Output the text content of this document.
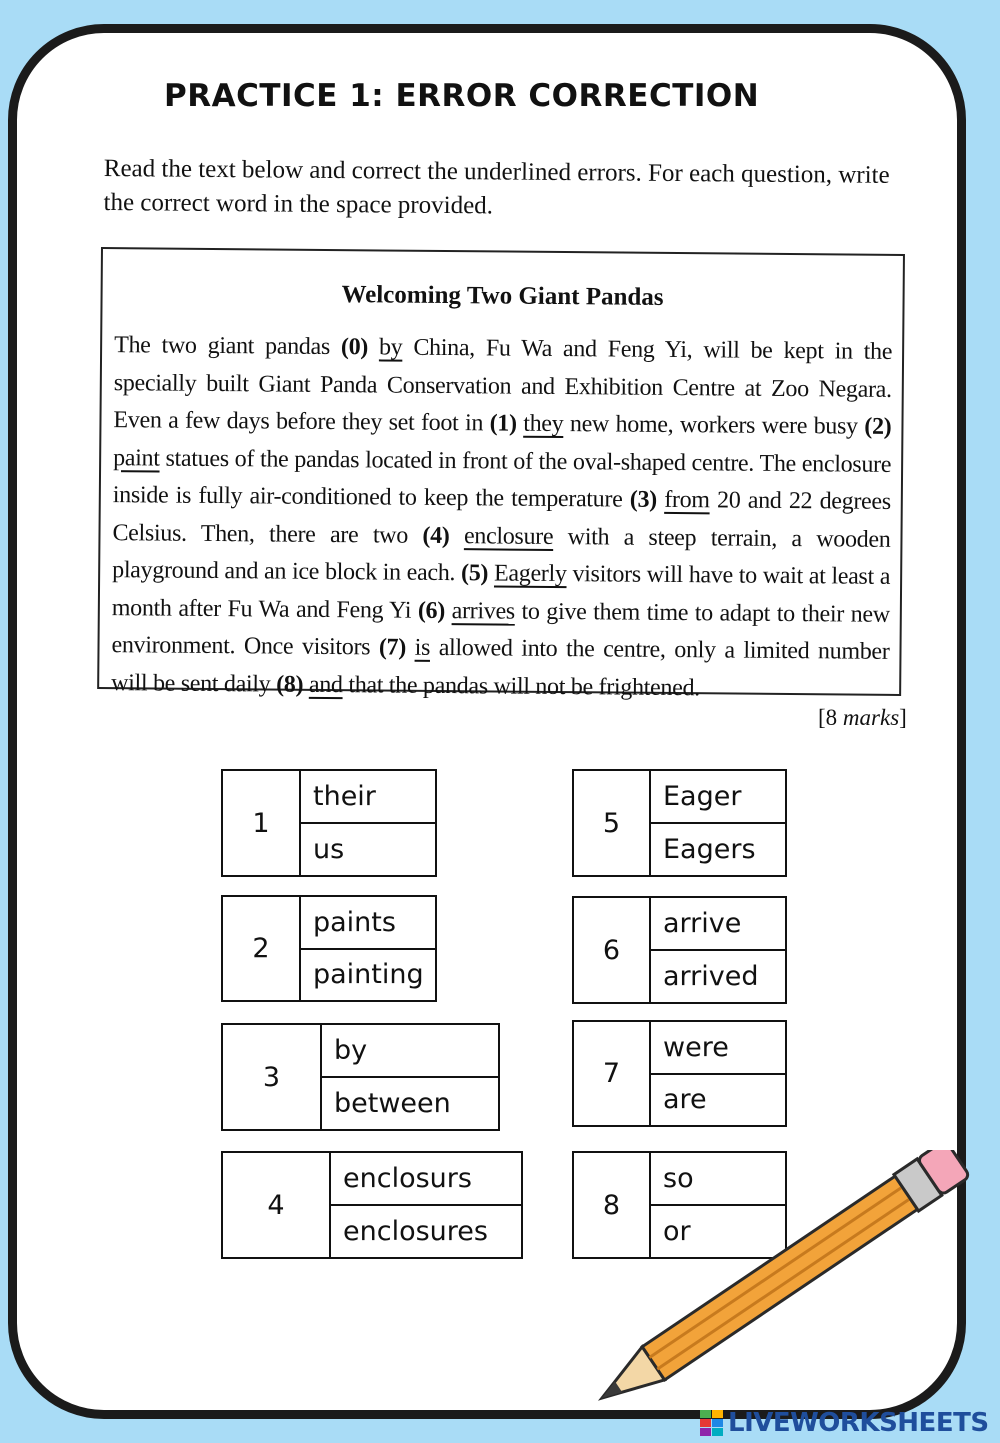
PRACTICE 1: ERROR CORRECTION
Read the text below and correct the underlined errors. For each question, write the correct word in the space provided.
Welcoming Two Giant Pandas
The two giant pandas (0) by China, Fu Wa and Feng Yi, will be kept in the specially built Giant Panda Conservation and Exhibition Centre at Zoo Negara. Even a few days before they set foot in (1) they new home, workers were busy (2) paint statues of the pandas located in front of the oval-shaped centre. The enclosure inside is fully air-conditioned to keep the temperature (3) from 20 and 22 degrees Celsius. Then, there are two (4) enclosure with a steep terrain, a wooden playground and an ice block in each. (5) Eagerly visitors will have to wait at least a month after Fu Wa and Feng Yi (6) arrives to give them time to adapt to their new environment. Once visitors (7) is allowed into the centre, only a limited number will be sent daily (8) and that the pandas will not be frightened.
[8 marks]
1
their
us
2
paints
painting
3
by
between
4
enclosurs
enclosures
5
Eager
Eagers
6
arrive
arrived
7
were
are
8
so
or
LIVEWORKSHEETS
